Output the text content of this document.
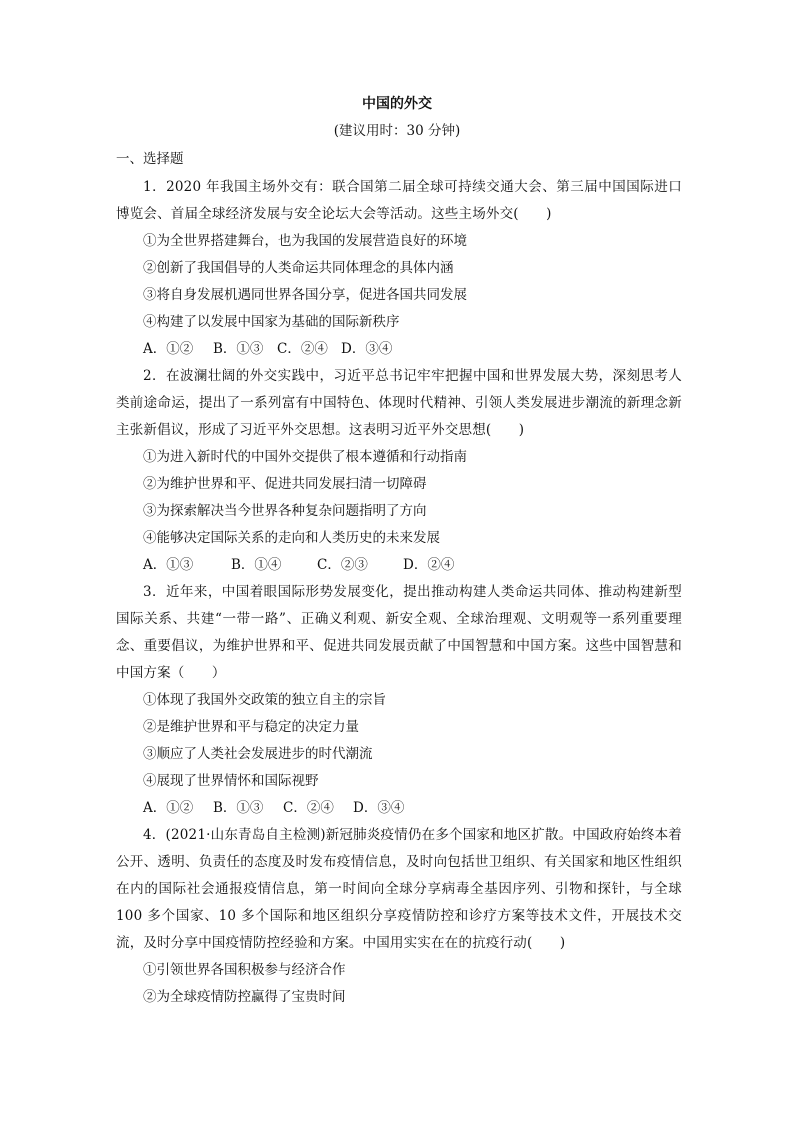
中国的外交
(建议用时：30 分钟)
一、选择题
1．2020 年我国主场外交有：联合国第二届全球可持续交通大会、第三届中国国际进口博览会、首届全球经济发展与安全论坛大会等活动。这些主场外交(　　)
①为全世界搭建舞台，也为我国的发展营造良好的环境
②创新了我国倡导的人类命运共同体理念的具体内涵
③将自身发展机遇同世界各国分享，促进各国共同发展
④构建了以发展中国家为基础的国际新秩序
A．①② B．①③ C．②④ D．③④
2．在波澜壮阔的外交实践中，习近平总书记牢牢把握中国和世界发展大势，深刻思考人类前途命运，提出了一系列富有中国特色、体现时代精神、引领人类发展进步潮流的新理念新主张新倡议，形成了习近平外交思想。这表明习近平外交思想(　　)
①为进入新时代的中国外交提供了根本遵循和行动指南
②为维护世界和平、促进共同发展扫清一切障碍
③为探索解决当今世界各种复杂问题指明了方向
④能够决定国际关系的走向和人类历史的未来发展
A．①③	B．①④	C．②③	D．②④
3．近年来，中国着眼国际形势发展变化，提出推动构建人类命运共同体、推动构建新型国际关系、共建“一带一路”、正确义利观、新安全观、全球治理观、文明观等一系列重要理念、重要倡议，为维护世界和平、促进共同发展贡献了中国智慧和中国方案。这些中国智慧和中国方案（　　）
①体现了我国外交政策的独立自主的宗旨
②是维护世界和平与稳定的决定力量
③顺应了人类社会发展进步的时代潮流
④展现了世界情怀和国际视野
A．①② B．①③ C．②④ D．③④
4．(2021·山东青岛自主检测)新冠肺炎疫情仍在多个国家和地区扩散。中国政府始终本着公开、透明、负责任的态度及时发布疫情信息，及时向包括世卫组织、有关国家和地区性组织在内的国际社会通报疫情信息，第一时间向全球分享病毒全基因序列、引物和探针，与全球 100 多个国家、10 多个国际和地区组织分享疫情防控和诊疗方案等技术文件，开展技术交流，及时分享中国疫情防控经验和方案。中国用实实在在的抗疫行动(　　)
①引领世界各国积极参与经济合作
②为全球疫情防控赢得了宝贵时间
